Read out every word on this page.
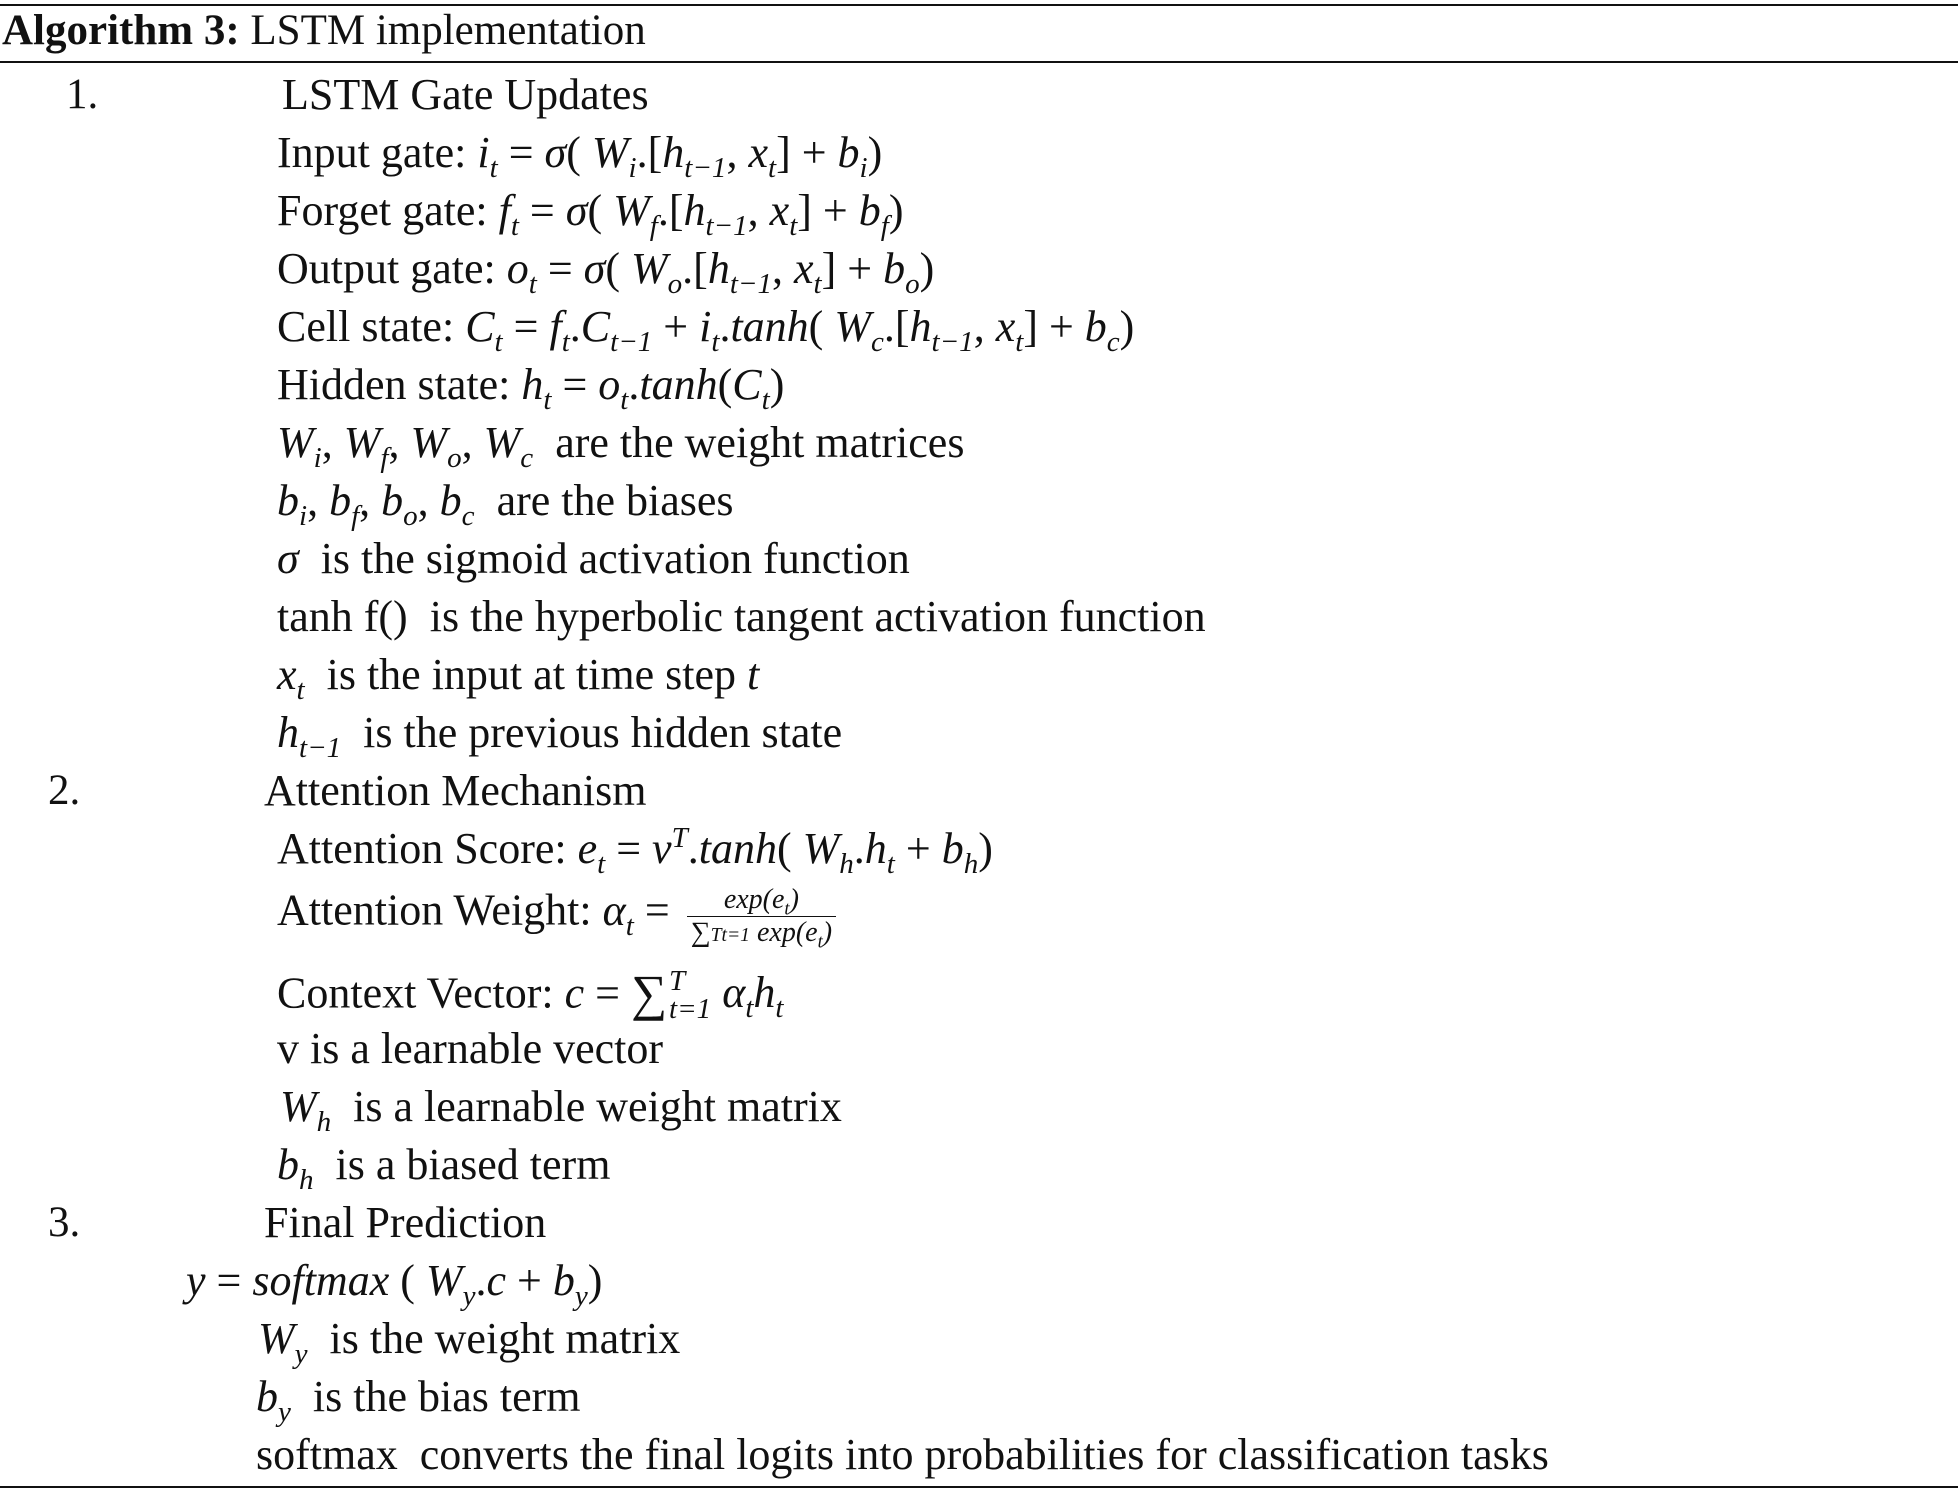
Algorithm 3: LSTM implementation
1.	LSTM Gate Updates
Input gate: $i_t = \sigma$( $W_i.[h_{t-1}$, $x_t] + b_i$)
Forget gate: $f_t = \sigma$( $W_f.[h_{t-1}$, $x_t] + b_f$)
Output gate: $o_t = \sigma$( $W_o.[h_{t-1}$, $x_t] + b_o$)
Cell state: $C_t = f_t.C_{t-1} + i_t.\tanh$( $W_c.[h_{t-1}$, $x_t] + b_c$)
Hidden state: $h_t = o_t.\tanh(C_t)$
$W_i$, $W_f$, $W_o$, $W_c$ are the weight matrices
$b_i$, $b_f$, $b_o$, $b_c$ are the biases
σ is the sigmoid activation function
tanh f() is the hyperbolic tangent activation function
$x_t$ is the input at time step t
$h_{t-1}$ is the previous hidden state
2.	Attention Mechanism
Attention Score: $e_t = v^T.\tanh$( $W_h.h_t + b_h$)
Attention Weight: $\alpha_t = \frac{\exp(e_t)}{\sum Tt=1 \exp(e_t)}$
Context Vector: c = ∑ T
t=1 $\alpha_th_t$
v is a learnable vector
$W_h$ is a learnable weight matrix
$b_h$ is a biased term
3.	Final Prediction
y = softmax ( $W_y.c + b_y$)
$W_y$ is the weight matrix
$b_y$ is the bias term
softmax converts the final logits into probabilities for classification tasks
